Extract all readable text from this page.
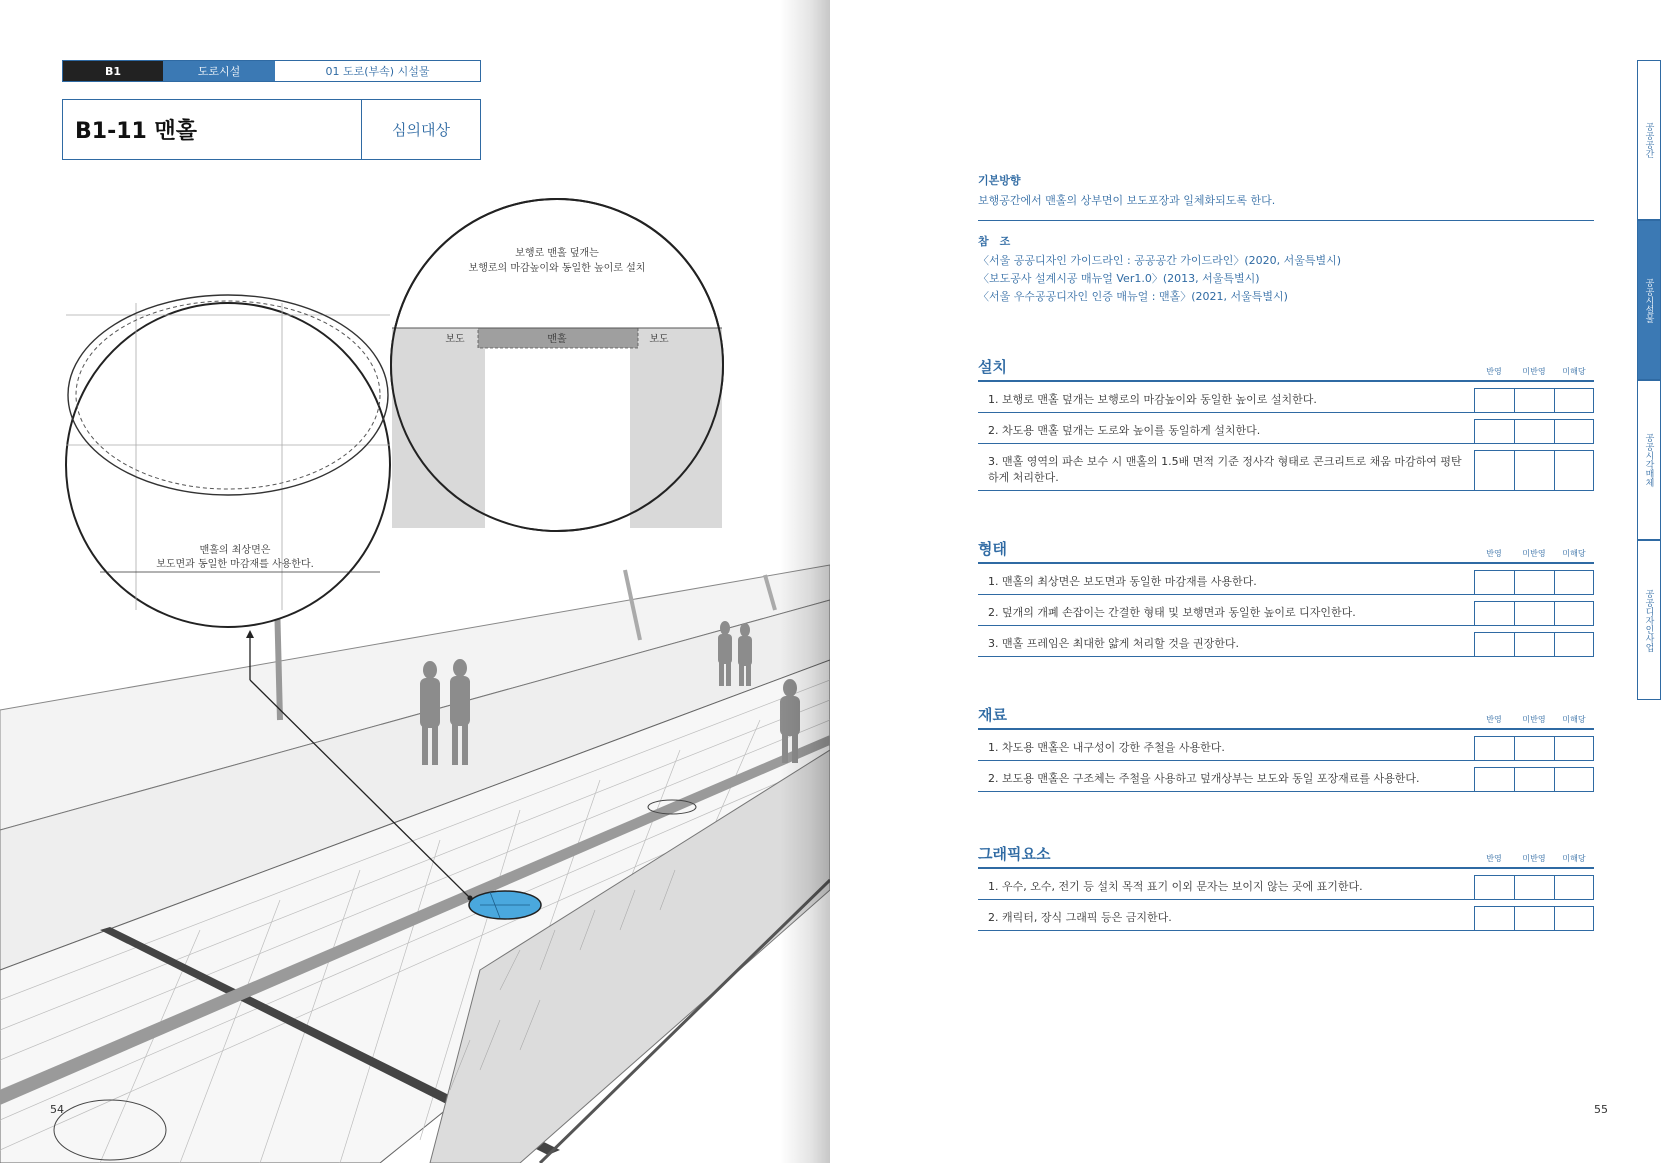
B1	도로시설	01 도로(부속) 시설물
B1-11 맨홀	심의대상
맨홀의 최상면은
보도면과 동일한 마감재를 사용한다.
보행로 맨홀 덮개는
보행로의 마감높이와 동일한 높이로 설치
보도	맨홀	보도
54
기본방향
보행공간에서 맨홀의 상부면이 보도포장과 일체화되도록 한다.
참　조
〈서울 공공디자인 가이드라인 : 공공공간 가이드라인〉(2020, 서울특별시)
〈보도공사 설계시공 매뉴얼 Ver1.0〉(2013, 서울특별시)
〈서울 우수공공디자인 인증 매뉴얼 : 맨홀〉(2021, 서울특별시)
설치	반영	미반영	미해당
1. 보행로 맨홀 덮개는 보행로의 마감높이와 동일한 높이로 설치한다.
2. 차도용 맨홀 덮개는 도로와 높이를 동일하게 설치한다.
3. 맨홀 영역의 파손 보수 시 맨홀의 1.5배 면적 기준 정사각 형태로 콘크리트로 채움 마감하여 평탄하게 처리한다.
형태	반영	미반영	미해당
1. 맨홀의 최상면은 보도면과 동일한 마감재를 사용한다.
2. 덮개의 개폐 손잡이는 간결한 형태 및 보행면과 동일한 높이로 디자인한다.
3. 맨홀 프레임은 최대한 얇게 처리할 것을 권장한다.
재료	반영	미반영	미해당
1. 차도용 맨홀은 내구성이 강한 주철을 사용한다.
2. 보도용 맨홀은 구조체는 주철을 사용하고 덮개상부는 보도와 동일 포장재료를 사용한다.
그래픽요소	반영	미반영	미해당
1. 우수, 오수, 전기 등 설치 목적 표기 이외 문자는 보이지 않는 곳에 표기한다.
2. 캐릭터, 장식 그래픽 등은 금지한다.
공공공간
공공시설물
공공시각매체
공공디자인사업
55
